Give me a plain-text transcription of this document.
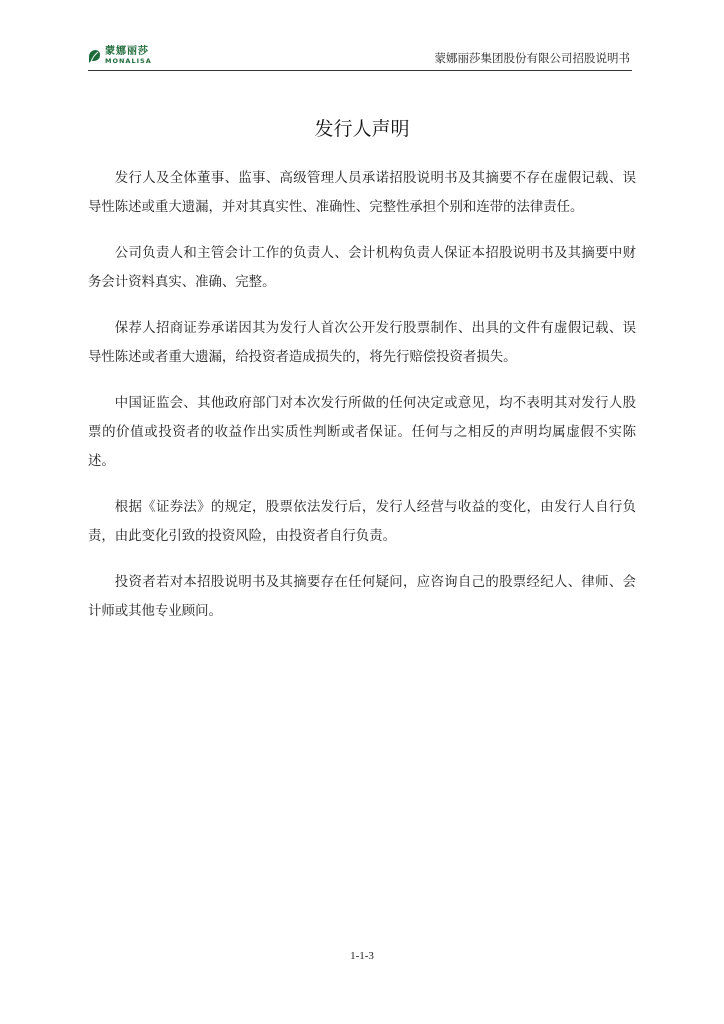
蒙娜丽莎
MONALISA	蒙娜丽莎集团股份有限公司招股说明书
发行人声明

发行人及全体董事、监事、高级管理人员承诺招股说明书及其摘要不存在虚假记载、误导性陈述或重大遗漏，并对其真实性、准确性、完整性承担个别和连带的法律责任。

公司负责人和主管会计工作的负责人、会计机构负责人保证本招股说明书及其摘要中财务会计资料真实、准确、完整。

保荐人招商证券承诺因其为发行人首次公开发行股票制作、出具的文件有虚假记载、误导性陈述或者重大遗漏，给投资者造成损失的，将先行赔偿投资者损失。

中国证监会、其他政府部门对本次发行所做的任何决定或意见，均不表明其对发行人股票的价值或投资者的收益作出实质性判断或者保证。任何与之相反的声明均属虚假不实陈述。

根据《证券法》的规定，股票依法发行后，发行人经营与收益的变化，由发行人自行负责，由此变化引致的投资风险，由投资者自行负责。

投资者若对本招股说明书及其摘要存在任何疑问，应咨询自己的股票经纪人、律师、会计师或其他专业顾问。

1-1-3
